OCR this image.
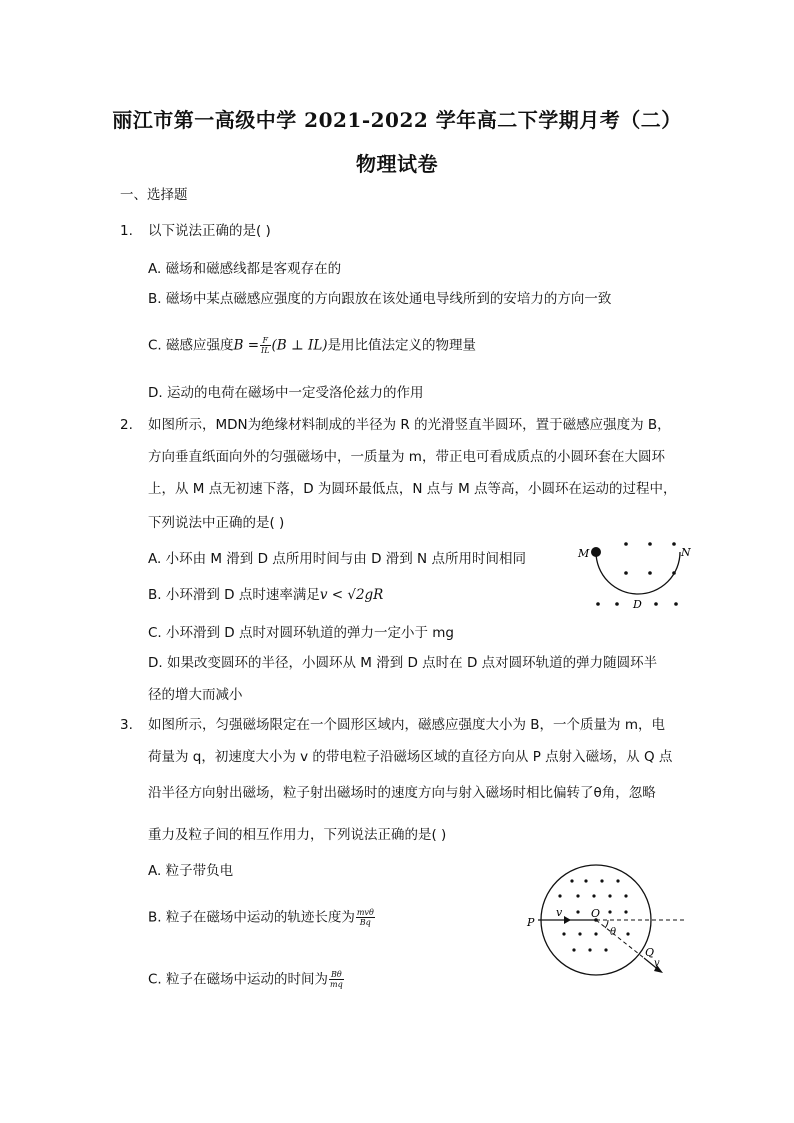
丽江市第一高级中学 2021-2022 学年高二下学期月考（二）
物理试卷
一、选择题
1. 以下说法正确的是( )
A. 磁场和磁感线都是客观存在的
B. 磁场中某点磁感应强度的方向跟放在该处通电导线所到的安培力的方向一致
C. 磁感应强度$B = \frac{F}{IL} (B$ ⊥ IL)是用比值法定义的物理量
D. 运动的电荷在磁场中一定受洛伦兹力的作用
2. 如图所示，MDN为绝缘材料制成的半径为 R 的光滑竖直半圆环，置于磁感应强度为 B，
方向垂直纸面向外的匀强磁场中，一质量为 m，带正电可看成质点的小圆环套在大圆环
上，从 M 点无初速下落，D 为圆环最低点，N 点与 M 点等高，小圆环在运动的过程中，
下列说法中正确的是( )
A. 小环由 M 滑到 D 点所用时间与由 D 滑到 N 点所用时间相同
B. 小环滑到 D 点时速率满足v < √2gR
C. 小环滑到 D 点时对圆环轨道的弹力一定小于 mg
D. 如果改变圆环的半径，小圆环从 M 滑到 D 点时在 D 点对圆环轨道的弹力随圆环半
径的增大而减小
M	N
D
3. 如图所示，匀强磁场限定在一个圆形区域内，磁感应强度大小为 B，一个质量为 m，电
荷量为 q，初速度大小为 v 的带电粒子沿磁场区域的直径方向从 P 点射入磁场，从 Q 点
沿半径方向射出磁场，粒子射出磁场时的速度方向与射入磁场时相比偏转了θ角，忽略
重力及粒子间的相互作用力，下列说法正确的是( )
A. 粒子带负电
B. 粒子在磁场中运动的轨迹长度为 $\frac{\text{mvθ}}{Bq}$
C. 粒子在磁场中运动的时间为 $\frac{B\theta}{mq}$
P
v	O
θ
Q
v
